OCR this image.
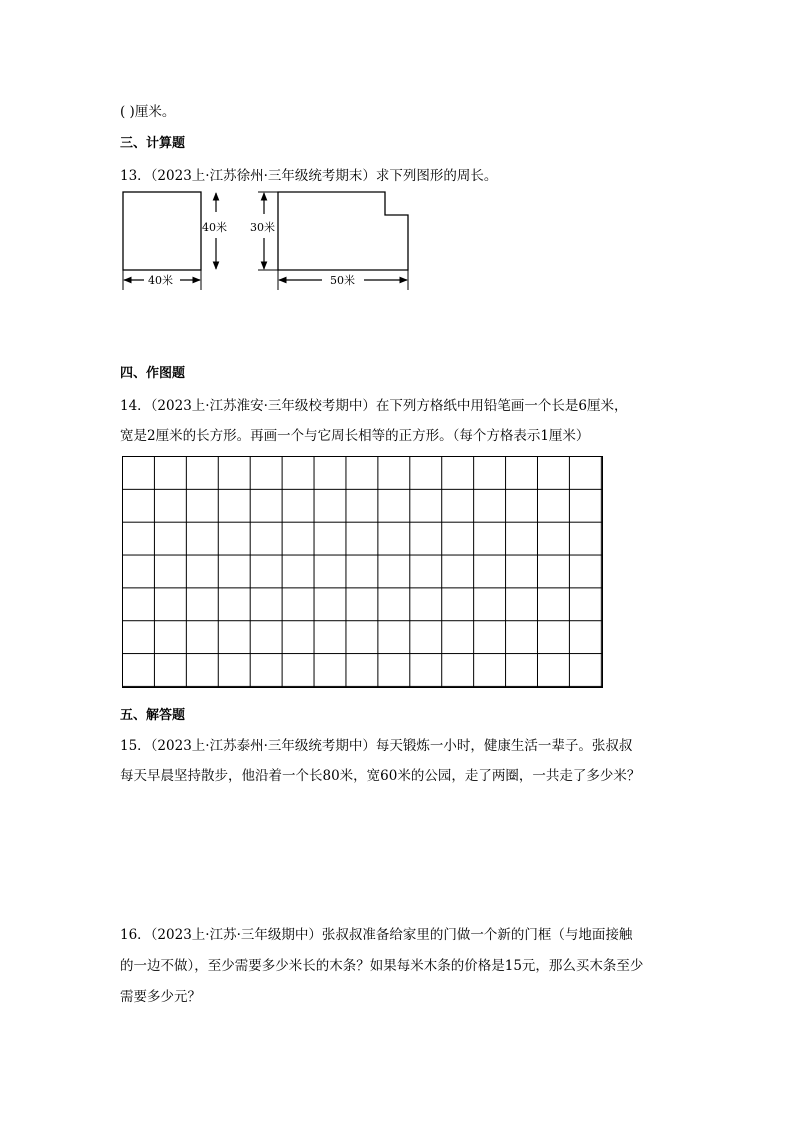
( )厘米。
三、计算题
13．（2023上·江苏徐州·三年级统考期末）求下列图形的周长。
40米
40米
30米
50米
四、作图题
14．（2023上·江苏淮安·三年级校考期中）在下列方格纸中用铅笔画一个长是6厘米，
宽是2厘米的长方形。再画一个与它周长相等的正方形。（每个方格表示1厘米）
五、解答题
15．（2023上·江苏泰州·三年级统考期中）每天锻炼一小时，健康生活一辈子。张叔叔
每天早晨坚持散步，他沿着一个长80米，宽60米的公园，走了两圈，一共走了多少米？
16．（2023上·江苏·三年级期中）张叔叔准备给家里的门做一个新的门框（与地面接触
的一边不做），至少需要多少米长的木条？如果每米木条的价格是15元，那么买木条至少
需要多少元？
